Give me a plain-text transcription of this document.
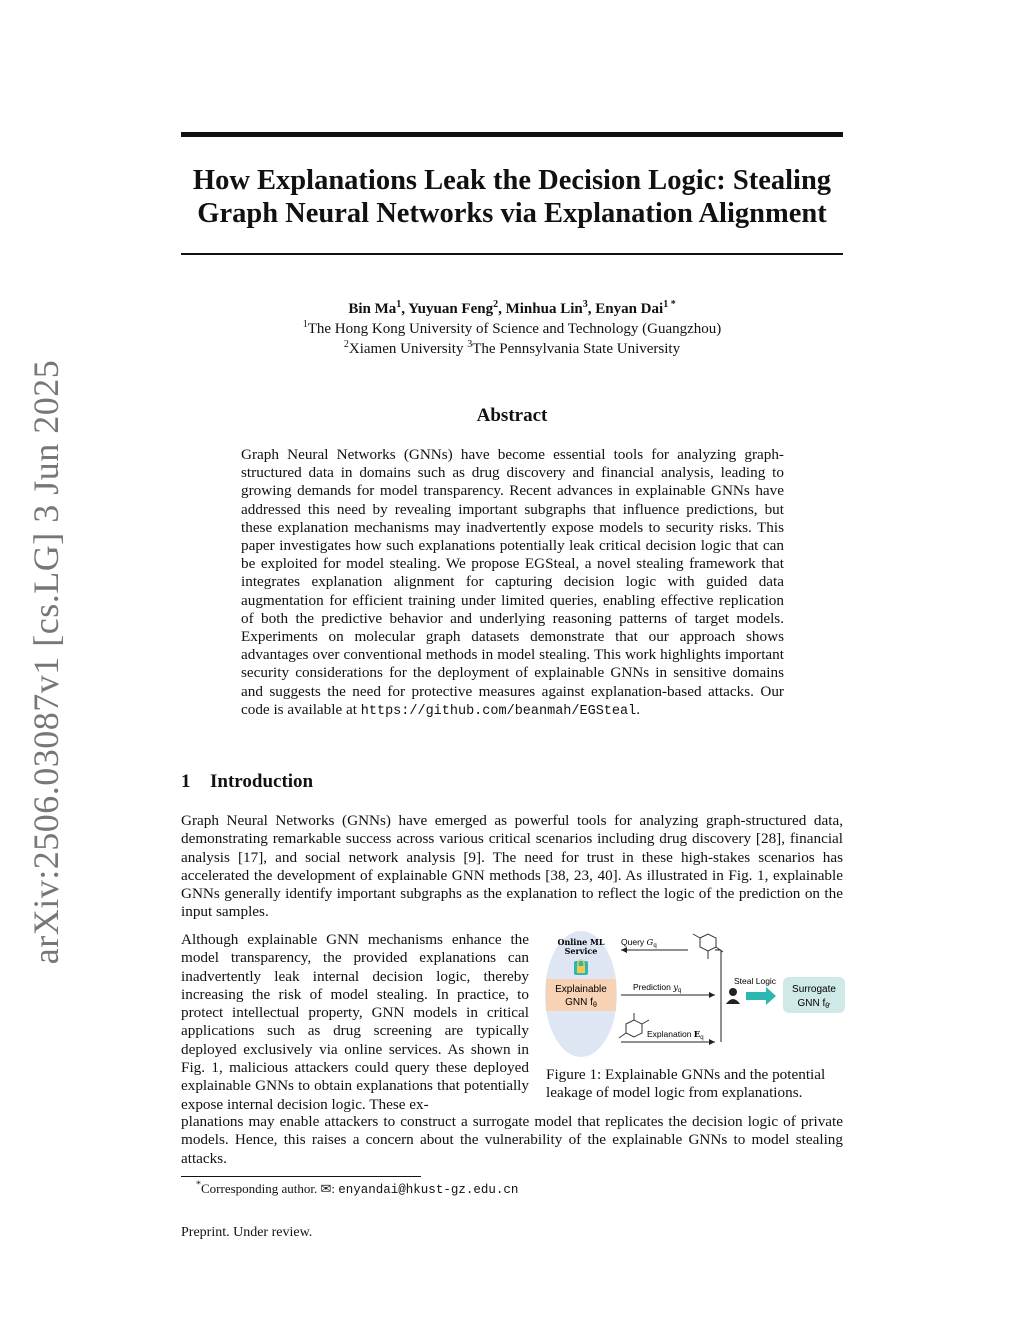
arXiv:2506.03087v1 [cs.LG] 3 Jun 2025
How Explanations Leak the Decision Logic: Stealing
Graph Neural Networks via Explanation Alignment
Bin Ma$^1$, Yuyuan Feng$^2$, Minhua Lin$^3$, Enyan Dai$^{1 *}$
$^1$The Hong Kong University of Science and Technology (Guangzhou)
$^2$Xiamen University $^3$The Pennsylvania State University
Abstract
Graph Neural Networks (GNNs) have become essential tools for analyzing graph-structured data in domains such as drug discovery and financial analysis, leading to growing demands for model transparency. Recent advances in explainable GNNs have addressed this need by revealing important subgraphs that influence predictions, but these explanation mechanisms may inadvertently expose models to security risks. This paper investigates how such explanations potentially leak critical decision logic that can be exploited for model stealing. We propose EGSteal, a novel stealing framework that integrates explanation alignment for capturing decision logic with guided data augmentation for efficient training under limited queries, enabling effective replication of both the predictive behavior and underlying reasoning patterns of target models. Experiments on molecular graph datasets demonstrate that our approach shows advantages over conventional methods in model stealing. This work highlights important security considerations for the deployment of explainable GNNs in sensitive domains and suggests the need for protective measures against explanation-based attacks. Our code is available at https://github.com/beanmah/EGSteal.
1 Introduction
Graph Neural Networks (GNNs) have emerged as powerful tools for analyzing graph-structured data, demonstrating remarkable success across various critical scenarios including drug discovery [28], financial analysis [17], and social network analysis [9]. The need for trust in these high-stakes scenarios has accelerated the development of explainable GNN methods [38, 23, 40]. As illustrated in Fig. 1, explainable GNNs generally identify important subgraphs as the explanation to reflect the logic of the prediction on the input samples.
Although explainable GNN mechanisms enhance the model transparency, the provided explanations can inadvertently leak internal decision logic, thereby increasing the risk of model stealing. In practice, to protect intellectual property, GNN models in critical applications such as drug screening are typically deployed exclusively via online services. As shown in Fig. 1, malicious attackers could query these deployed explainable GNNs to obtain explanations that potentially expose internal decision logic. These ex-
planations may enable attackers to construct a surrogate model that replicates the decision logic of private models. Hence, this raises a concern about the vulnerability of the explainable GNNs to model stealing attacks.
Online ML
Service
Explainable
GNN $f_\theta$
Query $G_q$
Prediction $y_q$
Explanation $E_q$
Steal Logic
Surrogate
GNN $f_{\theta'}$
Figure 1: Explainable GNNs and the potential leakage of model logic from explanations.
*Corresponding author. ✉: enyandai@hkust-gz.edu.cn
Preprint. Under review.
